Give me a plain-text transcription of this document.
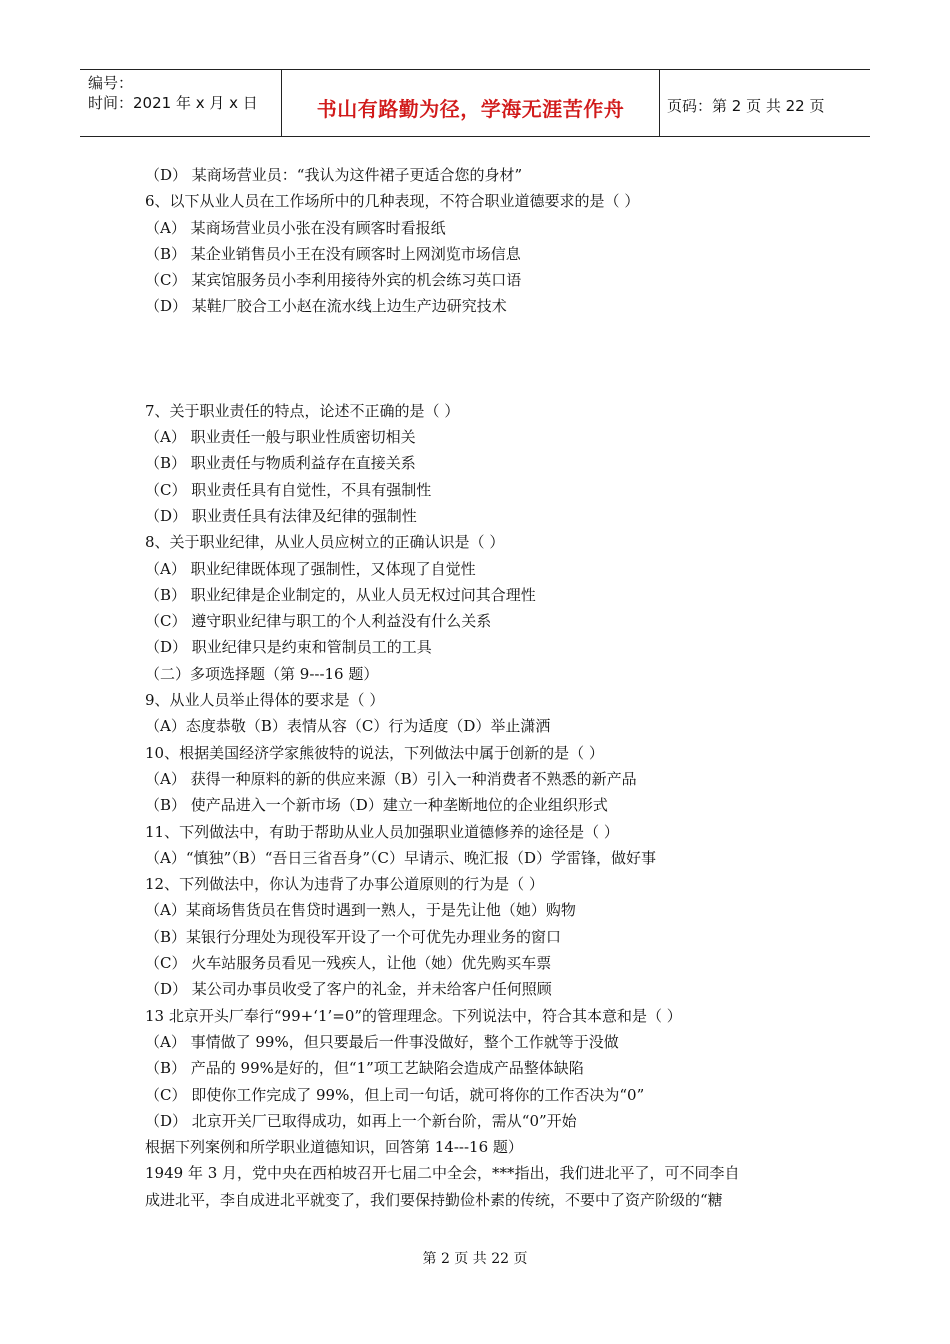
编号：
时间：2021 年 x 月 x 日	书山有路勤为径，学海无涯苦作舟	页码：第 2 页 共 22 页
（D） 某商场营业员：“我认为这件裙子更适合您的身材”
6、以下从业人员在工作场所中的几种表现，不符合职业道德要求的是（ ）
（A） 某商场营业员小张在没有顾客时看报纸
（B） 某企业销售员小王在没有顾客时上网浏览市场信息
（C） 某宾馆服务员小李利用接待外宾的机会练习英口语
（D） 某鞋厂胶合工小赵在流水线上边生产边研究技术
7、关于职业责任的特点，论述不正确的是（ ）
（A） 职业责任一般与职业性质密切相关
（B） 职业责任与物质利益存在直接关系
（C） 职业责任具有自觉性，不具有强制性
（D） 职业责任具有法律及纪律的强制性
8、关于职业纪律，从业人员应树立的正确认识是（ ）
（A） 职业纪律既体现了强制性，又体现了自觉性
（B） 职业纪律是企业制定的，从业人员无权过问其合理性
（C） 遵守职业纪律与职工的个人利益没有什么关系
（D） 职业纪律只是约束和管制员工的工具
（二）多项选择题（第 9---16 题）
9、从业人员举止得体的要求是（ ）
（A）态度恭敬（B）表情从容（C）行为适度（D）举止潇洒
10、根据美国经济学家熊彼特的说法，下列做法中属于创新的是（ ）
（A） 获得一种原料的新的供应来源（B）引入一种消费者不熟悉的新产品
（B） 使产品进入一个新市场（D）建立一种垄断地位的企业组织形式
11、下列做法中，有助于帮助从业人员加强职业道德修养的途径是（ ）
（A）“慎独”（B）“吾日三省吾身”（C）早请示、晚汇报（D）学雷锋，做好事
12、下列做法中，你认为违背了办事公道原则的行为是（ ）
（A）某商场售货员在售贷时遇到一熟人，于是先让他（她）购物
（B）某银行分理处为现役军开设了一个可优先办理业务的窗口
（C） 火车站服务员看见一残疾人，让他（她）优先购买车票
（D） 某公司办事员收受了客户的礼金，并未给客户任何照顾
13 北京开头厂奉行“99+‘1’=0”的管理理念。下列说法中，符合其本意和是（ ）
（A） 事情做了 99%，但只要最后一件事没做好，整个工作就等于没做
（B） 产品的 99%是好的，但“1”项工艺缺陷会造成产品整体缺陷
（C） 即使你工作完成了 99%，但上司一句话，就可将你的工作否决为“0”
（D） 北京开关厂已取得成功，如再上一个新台阶，需从“0”开始
根据下列案例和所学职业道德知识，回答第 14---16 题）
1949 年 3 月，党中央在西柏坡召开七届二中全会，***指出，我们进北平了，可不同李自
成进北平，李自成进北平就变了，我们要保持勤俭朴素的传统，不要中了资产阶级的“糖
第 2 页 共 22 页
